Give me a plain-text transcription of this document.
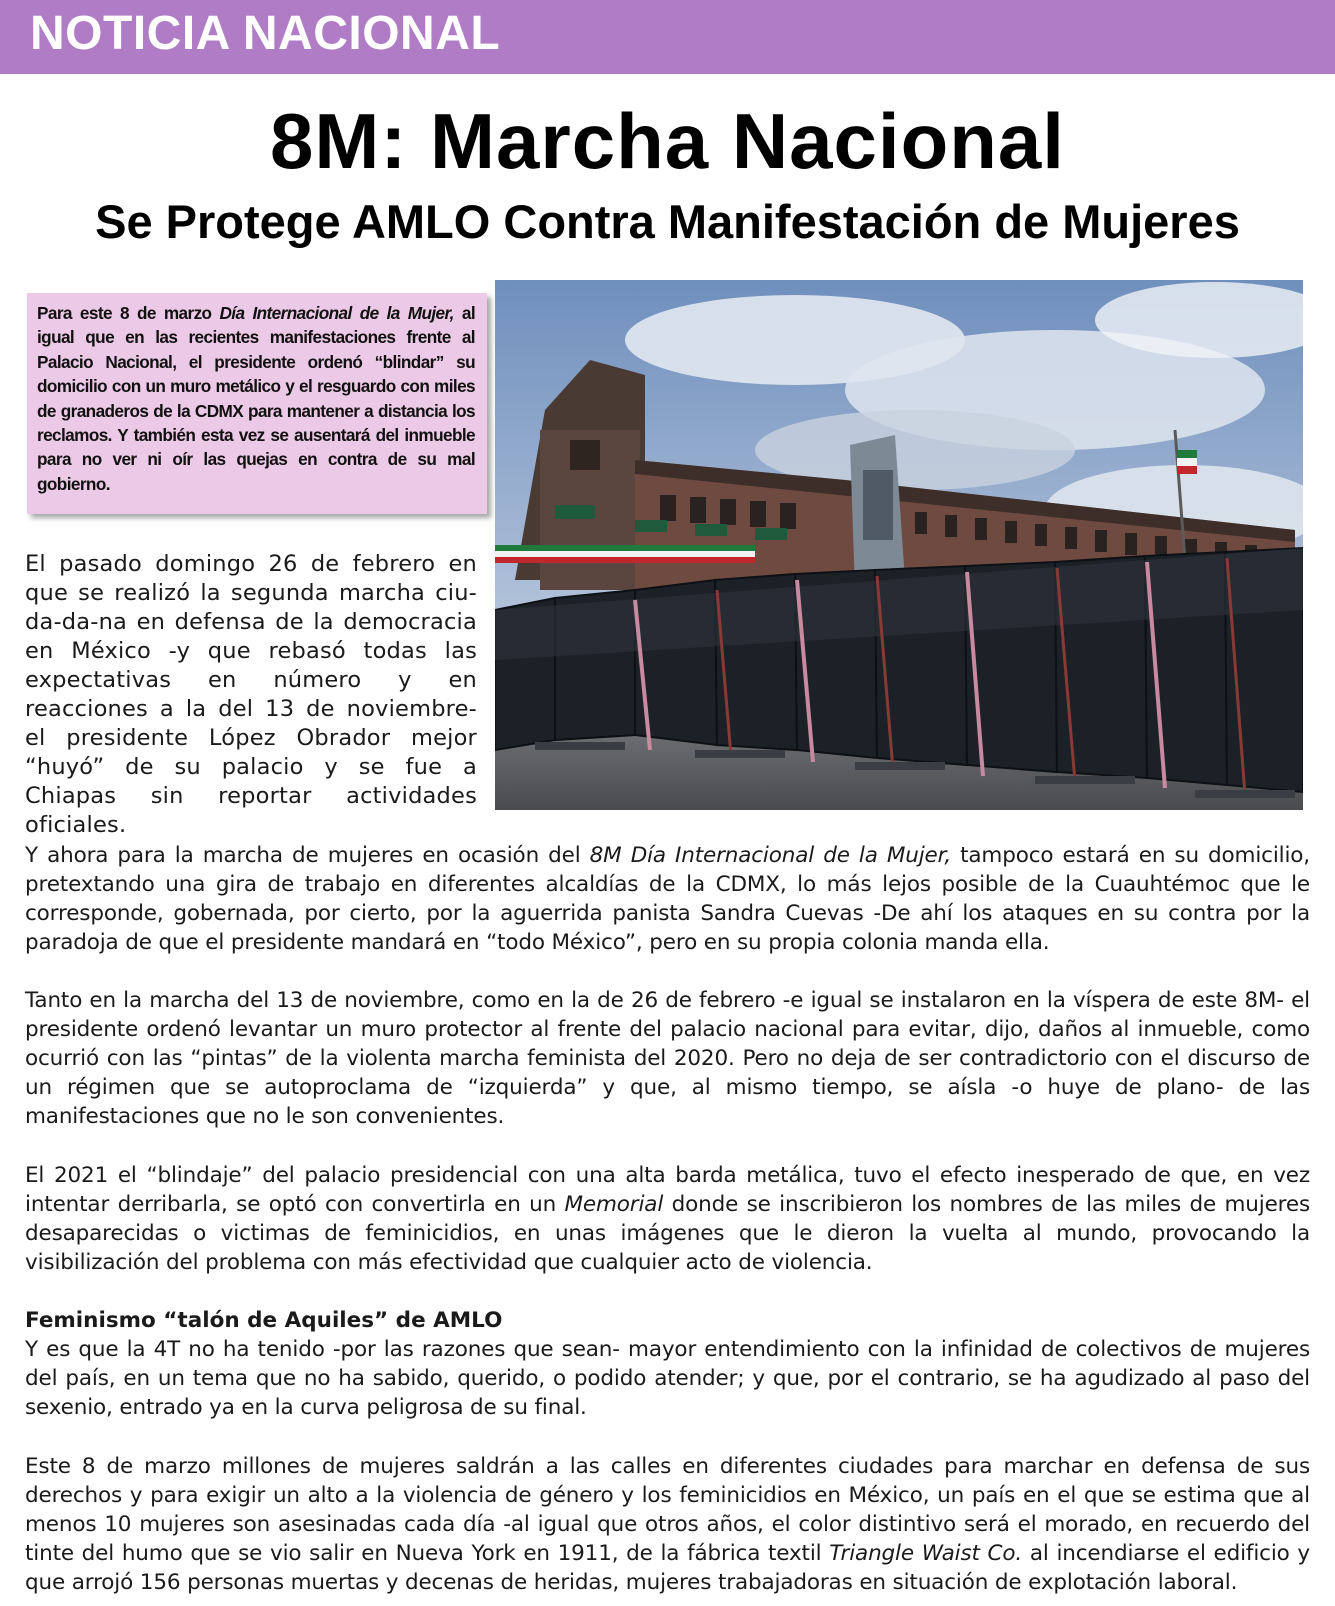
NOTICIA NACIONAL
8M: Marcha Nacional
Se Protege AMLO Contra Manifestación de Mujeres

Para este 8 de marzo Día Internacional de la Mujer, al igual que en las recientes manifestaciones frente al Palacio Nacional, el presidente ordenó “blindar” su domicilio con un muro metálico y el resguardo con miles de granaderos de la CDMX para mantener a distancia los reclamos. Y también esta vez se ausentará del inmueble para no ver ni oír las quejas en contra de su mal gobierno.

El pasado domingo 26 de febrero en que se realizó la segunda marcha ciu-da-da-na en defensa de la democracia en México -y que rebasó todas las expectativas en número y en reacciones a la del 13 de noviembre- el presidente López Obrador mejor “huyó” de su palacio y se fue a Chiapas sin reportar actividades oficiales.

Y ahora para la marcha de mujeres en ocasión del 8M Día Internacional de la Mujer, tampoco estará en su domicilio, pretextando una gira de trabajo en diferentes alcaldías de la CDMX, lo más lejos posible de la Cuauhtémoc que le corresponde, gobernada, por cierto, por la aguerrida panista Sandra Cuevas -De ahí los ataques en su contra por la paradoja de que el presidente mandará en “todo México”, pero en su propia colonia manda ella.

Tanto en la marcha del 13 de noviembre, como en la de 26 de febrero -e igual se instalaron en la víspera de este 8M- el presidente ordenó levantar un muro protector al frente del palacio nacional para evitar, dijo, daños al inmueble, como ocurrió con las “pintas” de la violenta marcha feminista del 2020. Pero no deja de ser contradictorio con el discurso de un régimen que se autoproclama de “izquierda” y que, al mismo tiempo, se aísla -o huye de plano- de las manifestaciones que no le son convenientes.

El 2021 el “blindaje” del palacio presidencial con una alta barda metálica, tuvo el efecto inesperado de que, en vez intentar derribarla, se optó con convertirla en un Memorial donde se inscribieron los nombres de las miles de mujeres desaparecidas o victimas de feminicidios, en unas imágenes que le dieron la vuelta al mundo, provocando la visibilización del problema con más efectividad que cualquier acto de violencia.

Feminismo “talón de Aquiles” de AMLO

Y es que la 4T no ha tenido -por las razones que sean- mayor entendimiento con la infinidad de colectivos de mujeres del país, en un tema que no ha sabido, querido, o podido atender; y que, por el contrario, se ha agudizado al paso del sexenio, entrado ya en la curva peligrosa de su final.

Este 8 de marzo millones de mujeres saldrán a las calles en diferentes ciudades para marchar en defensa de sus derechos y para exigir un alto a la violencia de género y los feminicidios en México, un país en el que se estima que al menos 10 mujeres son asesinadas cada día -al igual que otros años, el color distintivo será el morado, en recuerdo del tinte del humo que se vio salir en Nueva York en 1911, de la fábrica textil Triangle Waist Co. al incendiarse el edificio y que arrojó 156 personas muertas y decenas de heridas, mujeres trabajadoras en situación de explotación laboral.
